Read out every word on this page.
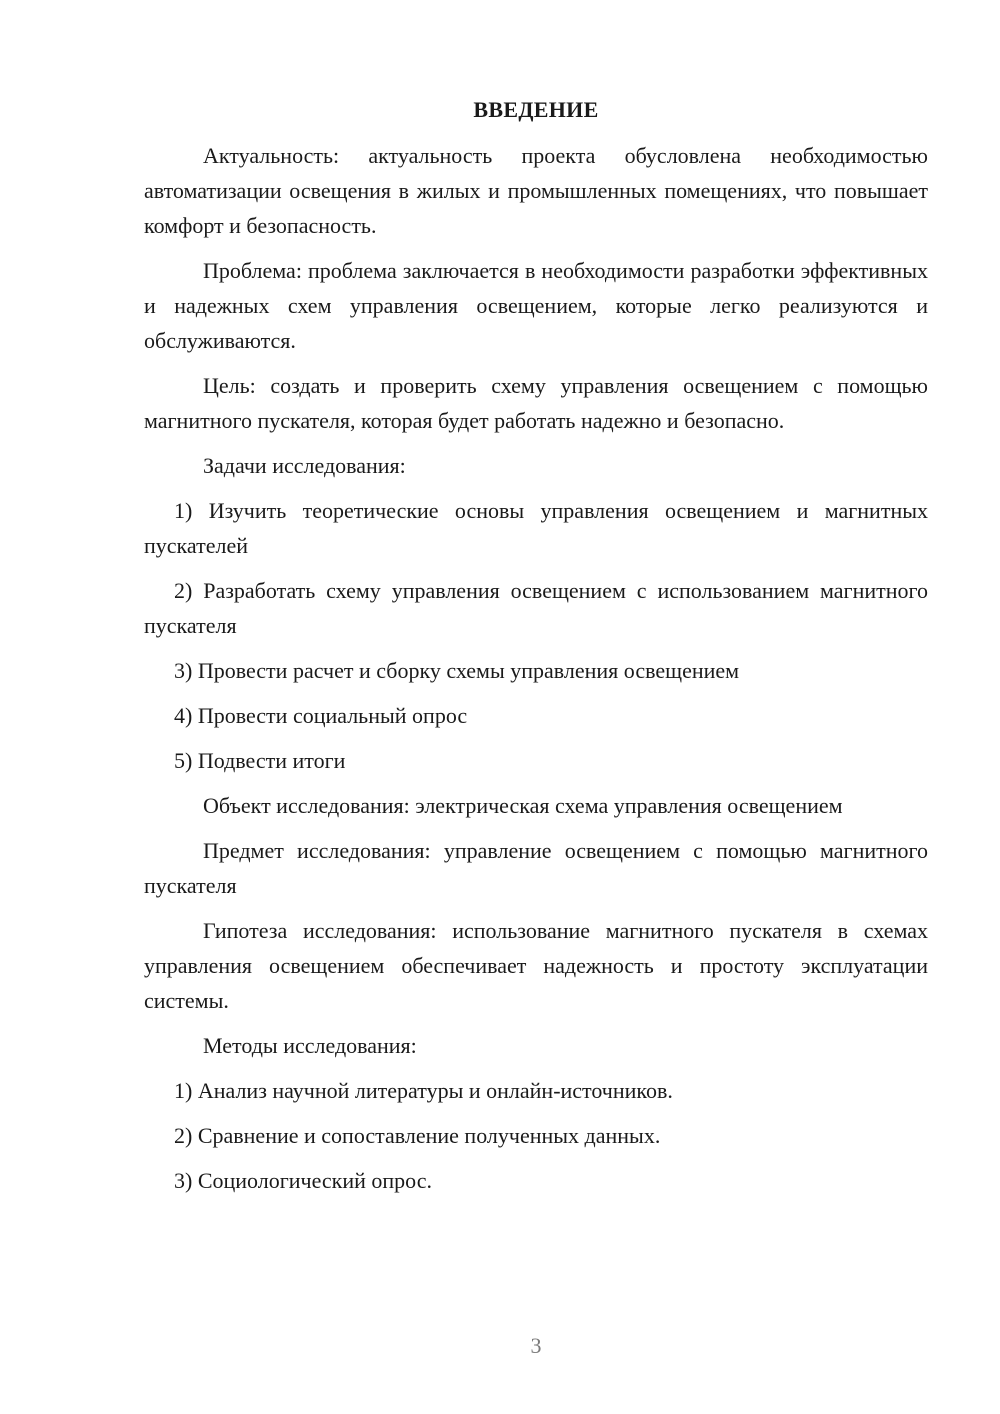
ВВЕДЕНИЕ

Актуальность: актуальность проекта обусловлена необходимостью автоматизации освещения в жилых и промышленных помещениях, что повышает комфорт и безопасность.

Проблема: проблема заключается в необходимости разработки эффективных и надежных схем управления освещением, которые легко реализуются и обслуживаются.

Цель: создать и проверить схему управления освещением с помощью магнитного пускателя, которая будет работать надежно и безопасно.

Задачи исследования:

1) Изучить теоретические основы управления освещением и магнитных пускателей

2) Разработать схему управления освещением с использованием магнитного пускателя

3) Провести расчет и сборку схемы управления освещением

4) Провести социальный опрос

5) Подвести итоги

Объект исследования: электрическая схема управления освещением

Предмет исследования: управление освещением с помощью магнитного пускателя

Гипотеза исследования: использование магнитного пускателя в схемах управления освещением обеспечивает надежность и простоту эксплуатации системы.

Методы исследования:

1) Анализ научной литературы и онлайн-источников.

2) Сравнение и сопоставление полученных данных.

3) Социологический опрос.

3
